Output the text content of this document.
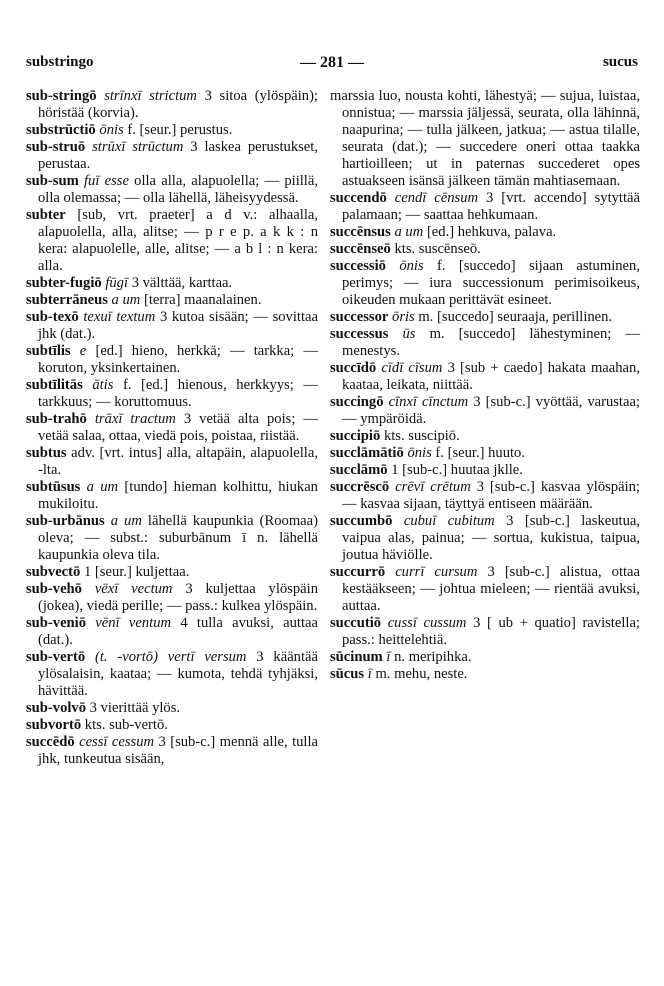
substringo	— 281 —	sucus

sub-stringō strīnxī strictum 3 sitoa (ylöspäin); höristää (korvia).

substrūctiō ōnis f. [seur.] perustus.

sub-struō strūxī strūctum 3 laskea perustukset, perustaa.

sub-sum fuī esse olla alla, alapuolella; — piillä, olla olemassa; — olla lähellä, läheisyydessä.

subter [sub, vrt. praeter] a d v.: alhaalla, alapuolella, alla, alitse; — p r e p. a k k : n kera: alapuolelle, alle, alitse; — a b l : n kera: alla.

subter-fugiō fūgī 3 välttää, karttaa.

subterrāneus a um [terra] maanalainen.

sub-texō texuī textum 3 kutoa sisään; — sovittaa jhk (dat.).

subtīlis e [ed.] hieno, herkkä; — tarkka; — koruton, yksinkertainen.

subtīlitās ātis f. [ed.] hienous, herkkyys; — tarkkuus; — koruttomuus.

sub-trahō trāxī tractum 3 vetää alta pois; — vetää salaa, ottaa, viedä pois, poistaa, riistää.

subtus adv. [vrt. intus] alla, altapäin, alapuolella, -lta.

subtūsus a um [tundo] hieman kolhittu, hiukan mukiloitu.

sub-urbānus a um lähellä kaupunkia (Roomaa) oleva; — subst.: suburbānum ī n. lähellä kaupunkia oleva tila.

subvectō 1 [seur.] kuljettaa.

sub-vehō vēxī vectum 3 kuljettaa ylöspäin (jokea), viedä perille; — pass.: kulkea ylöspäin.

sub-veniō vēnī ventum 4 tulla avuksi, auttaa (dat.).

sub-vertō (t. -vortō) vertī versum 3 kääntää ylösalaisin, kaataa; — kumota, tehdä tyhjäksi, hävittää.

sub-volvō 3 vierittää ylös.

subvortō kts. sub-vertō.

succēdō cessī cessum 3 [sub-c.] mennä alle, tulla jhk, tunkeutua sisään,

marssia luo, nousta kohti, lähestyä; — sujua, luistaa, onnistua; — marssia jäljessä, seurata, olla lähinnä, naapurina; — tulla jälkeen, jatkua; — astua tilalle, seurata (dat.); — succedere oneri ottaa taakka hartioilleen; ut in paternas succederet opes astuakseen isänsä jälkeen tämän mahtiasemaan.

succendō cendī cēnsum 3 [vrt. accendo] sytyttää palamaan; — saattaa hehkumaan.

succēnsus a um [ed.] hehkuva, palava.

succēnseō kts. suscēnseō.

successiō ōnis f. [succedo] sijaan astuminen, perimys; — iura successionum perimisoikeus, oikeuden mukaan perittävät esineet.

successor ōris m. [succedo] seuraaja, perillinen.

successus ūs m. [succedo] lähestyminen; — menestys.

succīdō cīdī cīsum 3 [sub + caedo] hakata maahan, kaataa, leikata, niittää.

succingō cīnxī cīnctum 3 [sub-c.] vyöttää, varustaa; — ympäröidä.

succipiō kts. suscipiō.

succlāmātiō ōnis f. [seur.] huuto.

succlāmō 1 [sub-c.] huutaa jklle.

succrēscō crēvī crētum 3 [sub-c.] kasvaa ylöspäin; — kasvaa sijaan, täyttyä entiseen määrään.

succumbō cubuī cubitum 3 [sub-c.] laskeutua, vaipua alas, painua; — sortua, kukistua, taipua, joutua häviölle.

succurrō currī cursum 3 [sub-c.] alistua, ottaa kestääkseen; — johtua mieleen; — rientää avuksi, auttaa.

succutiō cussī cussum 3 [ ub + quatio] ravistella; pass.: heittelehtiä.

sūcinum ī n. meripihka.

sūcus ī m. mehu, neste.
